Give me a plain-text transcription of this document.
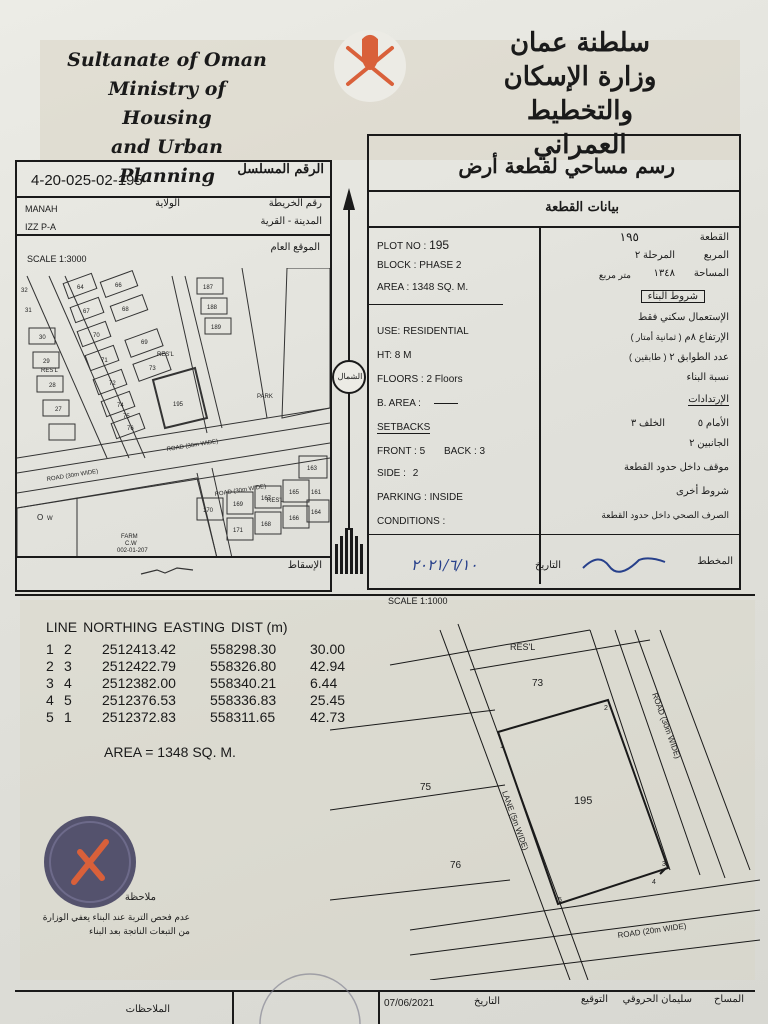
Sultanate of Oman
Ministry of Housing
and Urban Planning
سلطنة عمان
وزارة الإسكان
والتخطيط العمراني
الرقم المسلسل
4-20-025-02-195
الولاية	رقم الخريطة
MANAH
المدينة - القرية
IZZ P-A
SCALE 1:3000
الموقع العام
64	66
68
67
69
70
71
72
73
74
75
76
30
29
28
27
31
32	187
188
189
195
170
169
167
165
163
171
168
166
164
161
PARK
ROAD (30m WIDE)
ROAD (30m WIDE)
ROAD (30m WIDE)
FARM
C.W
002-01-207
RES'L
RES'L
RES'L
O W
الإسقاط
الشمال
رسم مساحي لقطعة أرض
بيانات القطعة
PLOT NO : 195
BLOCK : PHASE 2
AREA : 1348 SQ. M.
USE: RESIDENTIAL
HT: 8 M
FLOORS : 2 Floors
B. AREA :
SETBACKS
FRONT : 5 BACK : 3
SIDE : 2
PARKING : INSIDE
CONDITIONS :
القطعة
١٩٥
المربع
المرحلة ٢
المساحة
١٣٤٨
متر مربع
شروط البناء
الإستعمال سكني فقط
الإرتفاع ٨م ( ثمانية أمتار )
عدد الطوابق ٢ ( طابقين )
نسبة البناء
الإرتدادات
الأمام ٥ الخلف ٣
الجانبين ٢
موقف داخل حدود القطعة
شروط أخرى
الصرف الصحي داخل حدود القطعة
المخطط
التاريخ
٢٠٢١/٦/١٠
SCALE 1:1000
LINE	NORTHING	EASTING	DIST (m)
1 2 2512413.42 558298.30 30.00
2 3 2512422.79 558326.80 42.94
3 4 2512382.00 558340.21 6.44
4 5 2512376.53 558336.83 25.45
5 1 2512372.83 558311.65 42.73
AREA = 1348 SQ. M.
RES'L
73
75
76
195
LANE (5m WIDE)
ROAD (30m WIDE)
ROAD (20m WIDE)
1
2
3
4
5
ملاحظة
عدم فحص التربة عند البناء يعفي الوزارة
من التبعات الناتجة بعد البناء
المساح
سليمان الحروقي
التوقيع
07/06/2021	التاريخ
الملاحظات
